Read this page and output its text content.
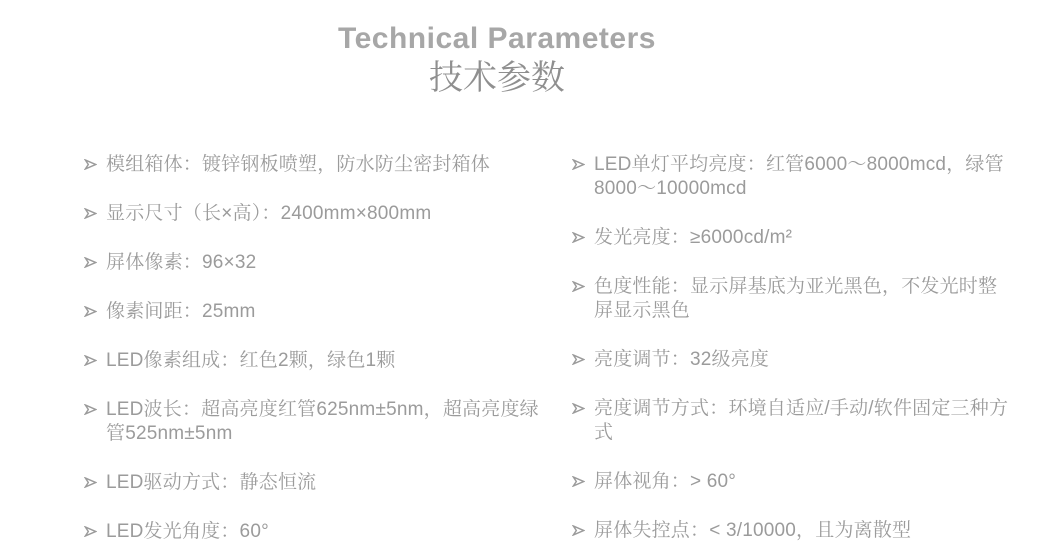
Technical Parameters
技术参数
模组箱体：镀锌钢板喷塑，防水防尘密封箱体
显示尺寸（长×高）：2400mm×800mm
屏体像素：96×32
像素间距：25mm
LED像素组成：红色2颗，绿色1颗
LED波长：超高亮度红管625nm±5nm，超高亮度绿管525nm±5nm
LED驱动方式：静态恒流
LED发光角度：60°
LED单灯平均亮度：红管6000～8000mcd，绿管8000～10000mcd
发光亮度：≥6000cd/m²
色度性能：显示屏基底为亚光黑色，不发光时整屏显示黑色
亮度调节：32级亮度
亮度调节方式：环境自适应/手动/软件固定三种方式
屏体视角：> 60°
屏体失控点：< 3/10000，且为离散型
